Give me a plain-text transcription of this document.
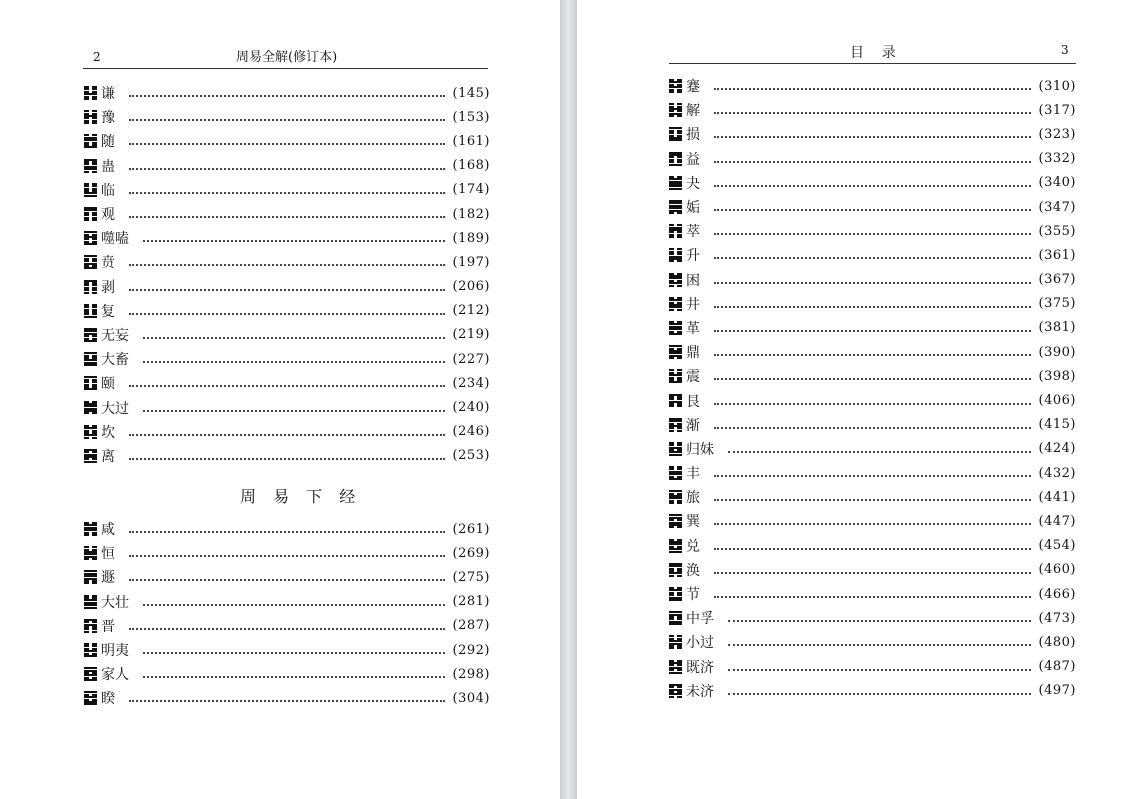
2	周易全解(修订本)
谦	(145)
豫	(153)
随	(161)
蛊	(168)
临	(174)
观	(182)
噬嗑	(189)
贲	(197)
剥	(206)
复	(212)
无妄	(219)
大畜	(227)
颐	(234)
大过	(240)
坎	(246)
离	(253)
周 易 下 经
咸	(261)
恒	(269)
遯	(275)
大壮	(281)
晋	(287)
明夷	(292)
家人	(298)
睽	(304)
目    录	3
蹇	(310)
解	(317)
损	(323)
益	(332)
夬	(340)
姤	(347)
萃	(355)
升	(361)
困	(367)
井	(375)
革	(381)
鼎	(390)
震	(398)
艮	(406)
渐	(415)
归妹	(424)
丰	(432)
旅	(441)
巽	(447)
兑	(454)
涣	(460)
节	(466)
中孚	(473)
小过	(480)
既济	(487)
未济	(497)
